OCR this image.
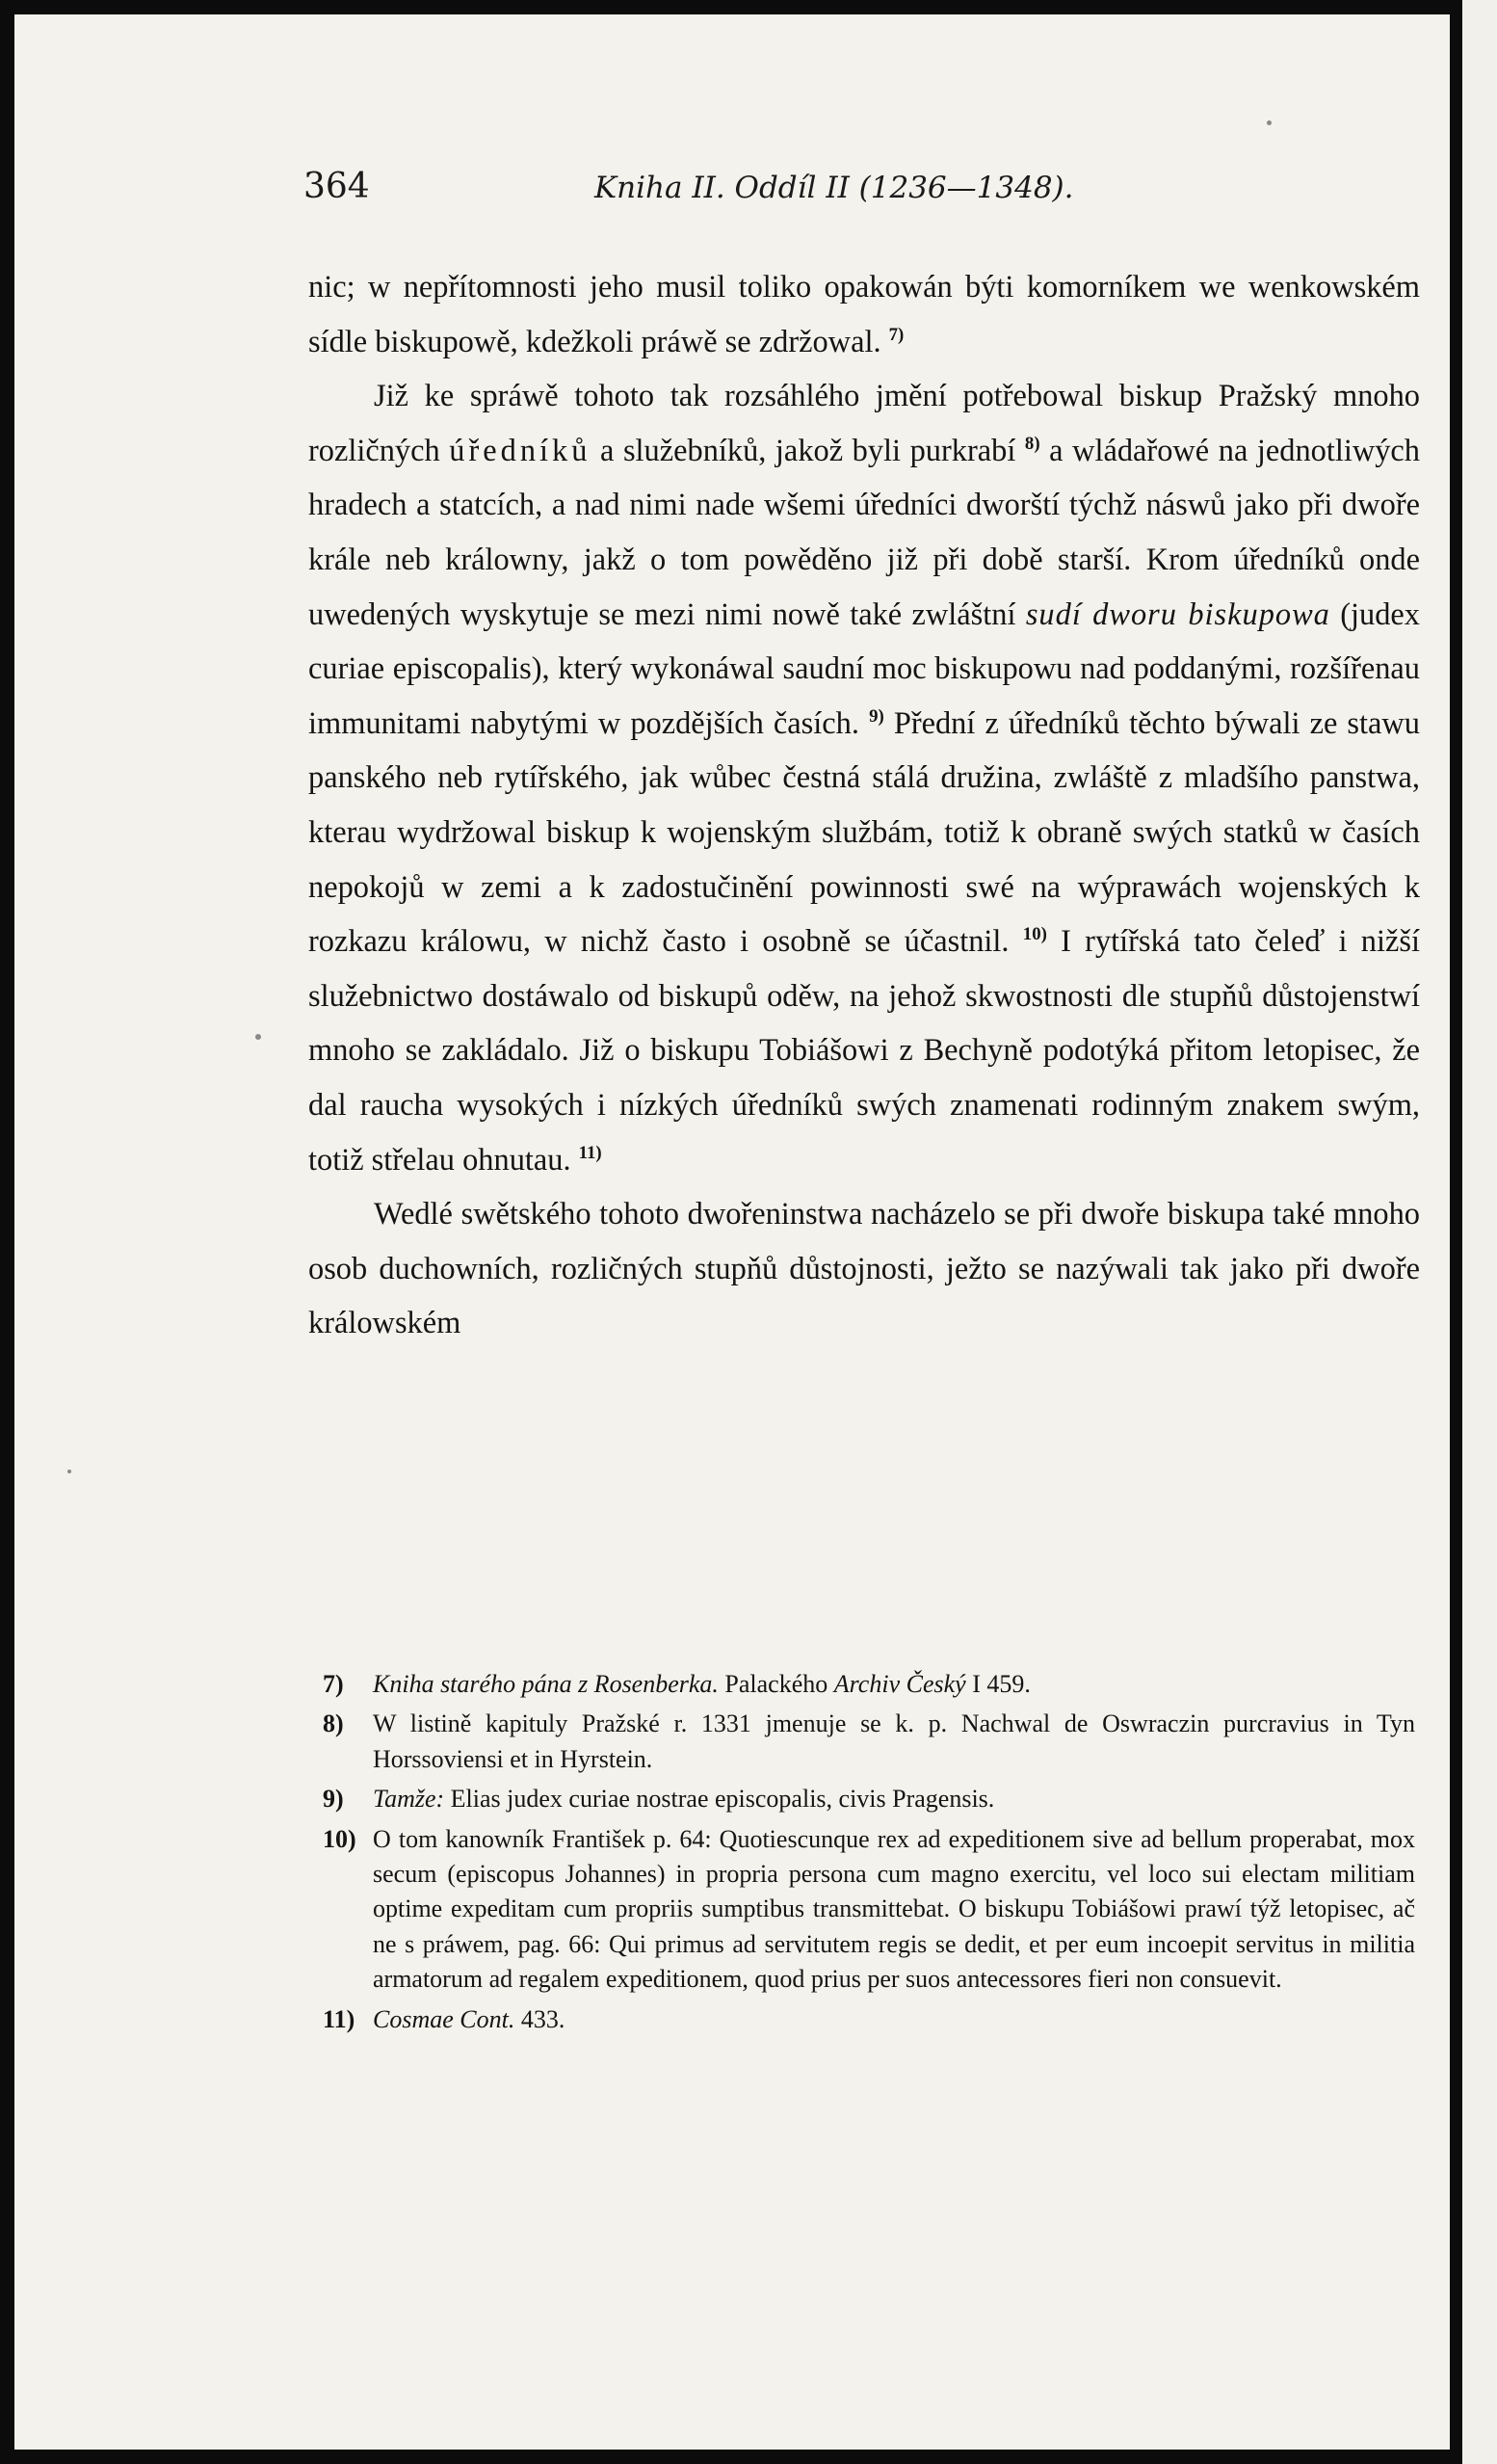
364	Kniha II. Oddíl II (1236—1348).

nic; w nepřítomnosti jeho musil toliko opakowán býti komorníkem we wenkowském sídle biskupowě, kdežkoli práwě se zdržowal. $^{7)}$

Již ke spráwě tohoto tak rozsáhlého jmění potřebowal biskup Pražský mnoho rozličných úředníků a služebníků, jakož byli purkrabí $^{8)}$ a wládařowé na jednotliwých hradech a statcích, a nad nimi nade wšemi úředníci dworští týchž náswů jako při dwoře krále neb králowny, jakž o tom powěděno již při době starší. Krom úředníků onde uwedených wyskytuje se mezi nimi nowě také zwláštní sudí dworu biskupowa (judex curiae episcopalis), který wykonáwal saudní moc biskupowu nad poddanými, rozšířenau immunitami nabytými w pozdějších časích. $^{9)}$ Přední z úředníků těchto býwali ze stawu panského neb rytířského, jak wůbec čestná stálá družina, zwláště z mladšího panstwa, kterau wydržowal biskup k wojenským službám, totiž k obraně swých statků w časích nepokojů w zemi a k zadostučinění powinnosti swé na wýprawách wojenských k rozkazu králowu, w nichž často i osobně se účastnil. $^{10)}$ I rytířská tato čeleď i nižší služebnictwo dostáwalo od biskupů oděw, na jehož skwostnosti dle stupňů důstojenstwí mnoho se zakládalo. Již o biskupu Tobiášowi z Bechyně podotýká přitom letopisec, že dal raucha wysokých i nízkých úředníků swých znamenati rodinným znakem swým, totiž střelau ohnutau. $^{11)}$

Wedlé swětského tohoto dwořeninstwa nacházelo se při dwoře biskupa také mnoho osob duchowních, rozličných stupňů důstojnosti, ježto se nazýwali tak jako při dwoře králowském

7) Kniha starého pána z Rosenberka. Palackého Archiv Český I 459.

8) W listině kapituly Pražské r. 1331 jmenuje se k. p. Nachwal de Oswraczin purcravius in Tyn Horssoviensi et in Hyrstein.

9) Tamže: Elias judex curiae nostrae episcopalis, civis Pragensis.

10) O tom kanowník František p. 64: Quotiescunque rex ad expeditionem sive ad bellum properabat, mox secum (episcopus Johannes) in propria persona cum magno exercitu, vel loco sui electam militiam optime expeditam cum propriis sumptibus transmittebat. O biskupu Tobiášowi prawí týž letopisec, ač ne s práwem, pag. 66: Qui primus ad servitutem regis se dedit, et per eum incoepit servitus in militia armatorum ad regalem expeditionem, quod prius per suos antecessores fieri non consuevit.

11) Cosmae Cont. 433.
